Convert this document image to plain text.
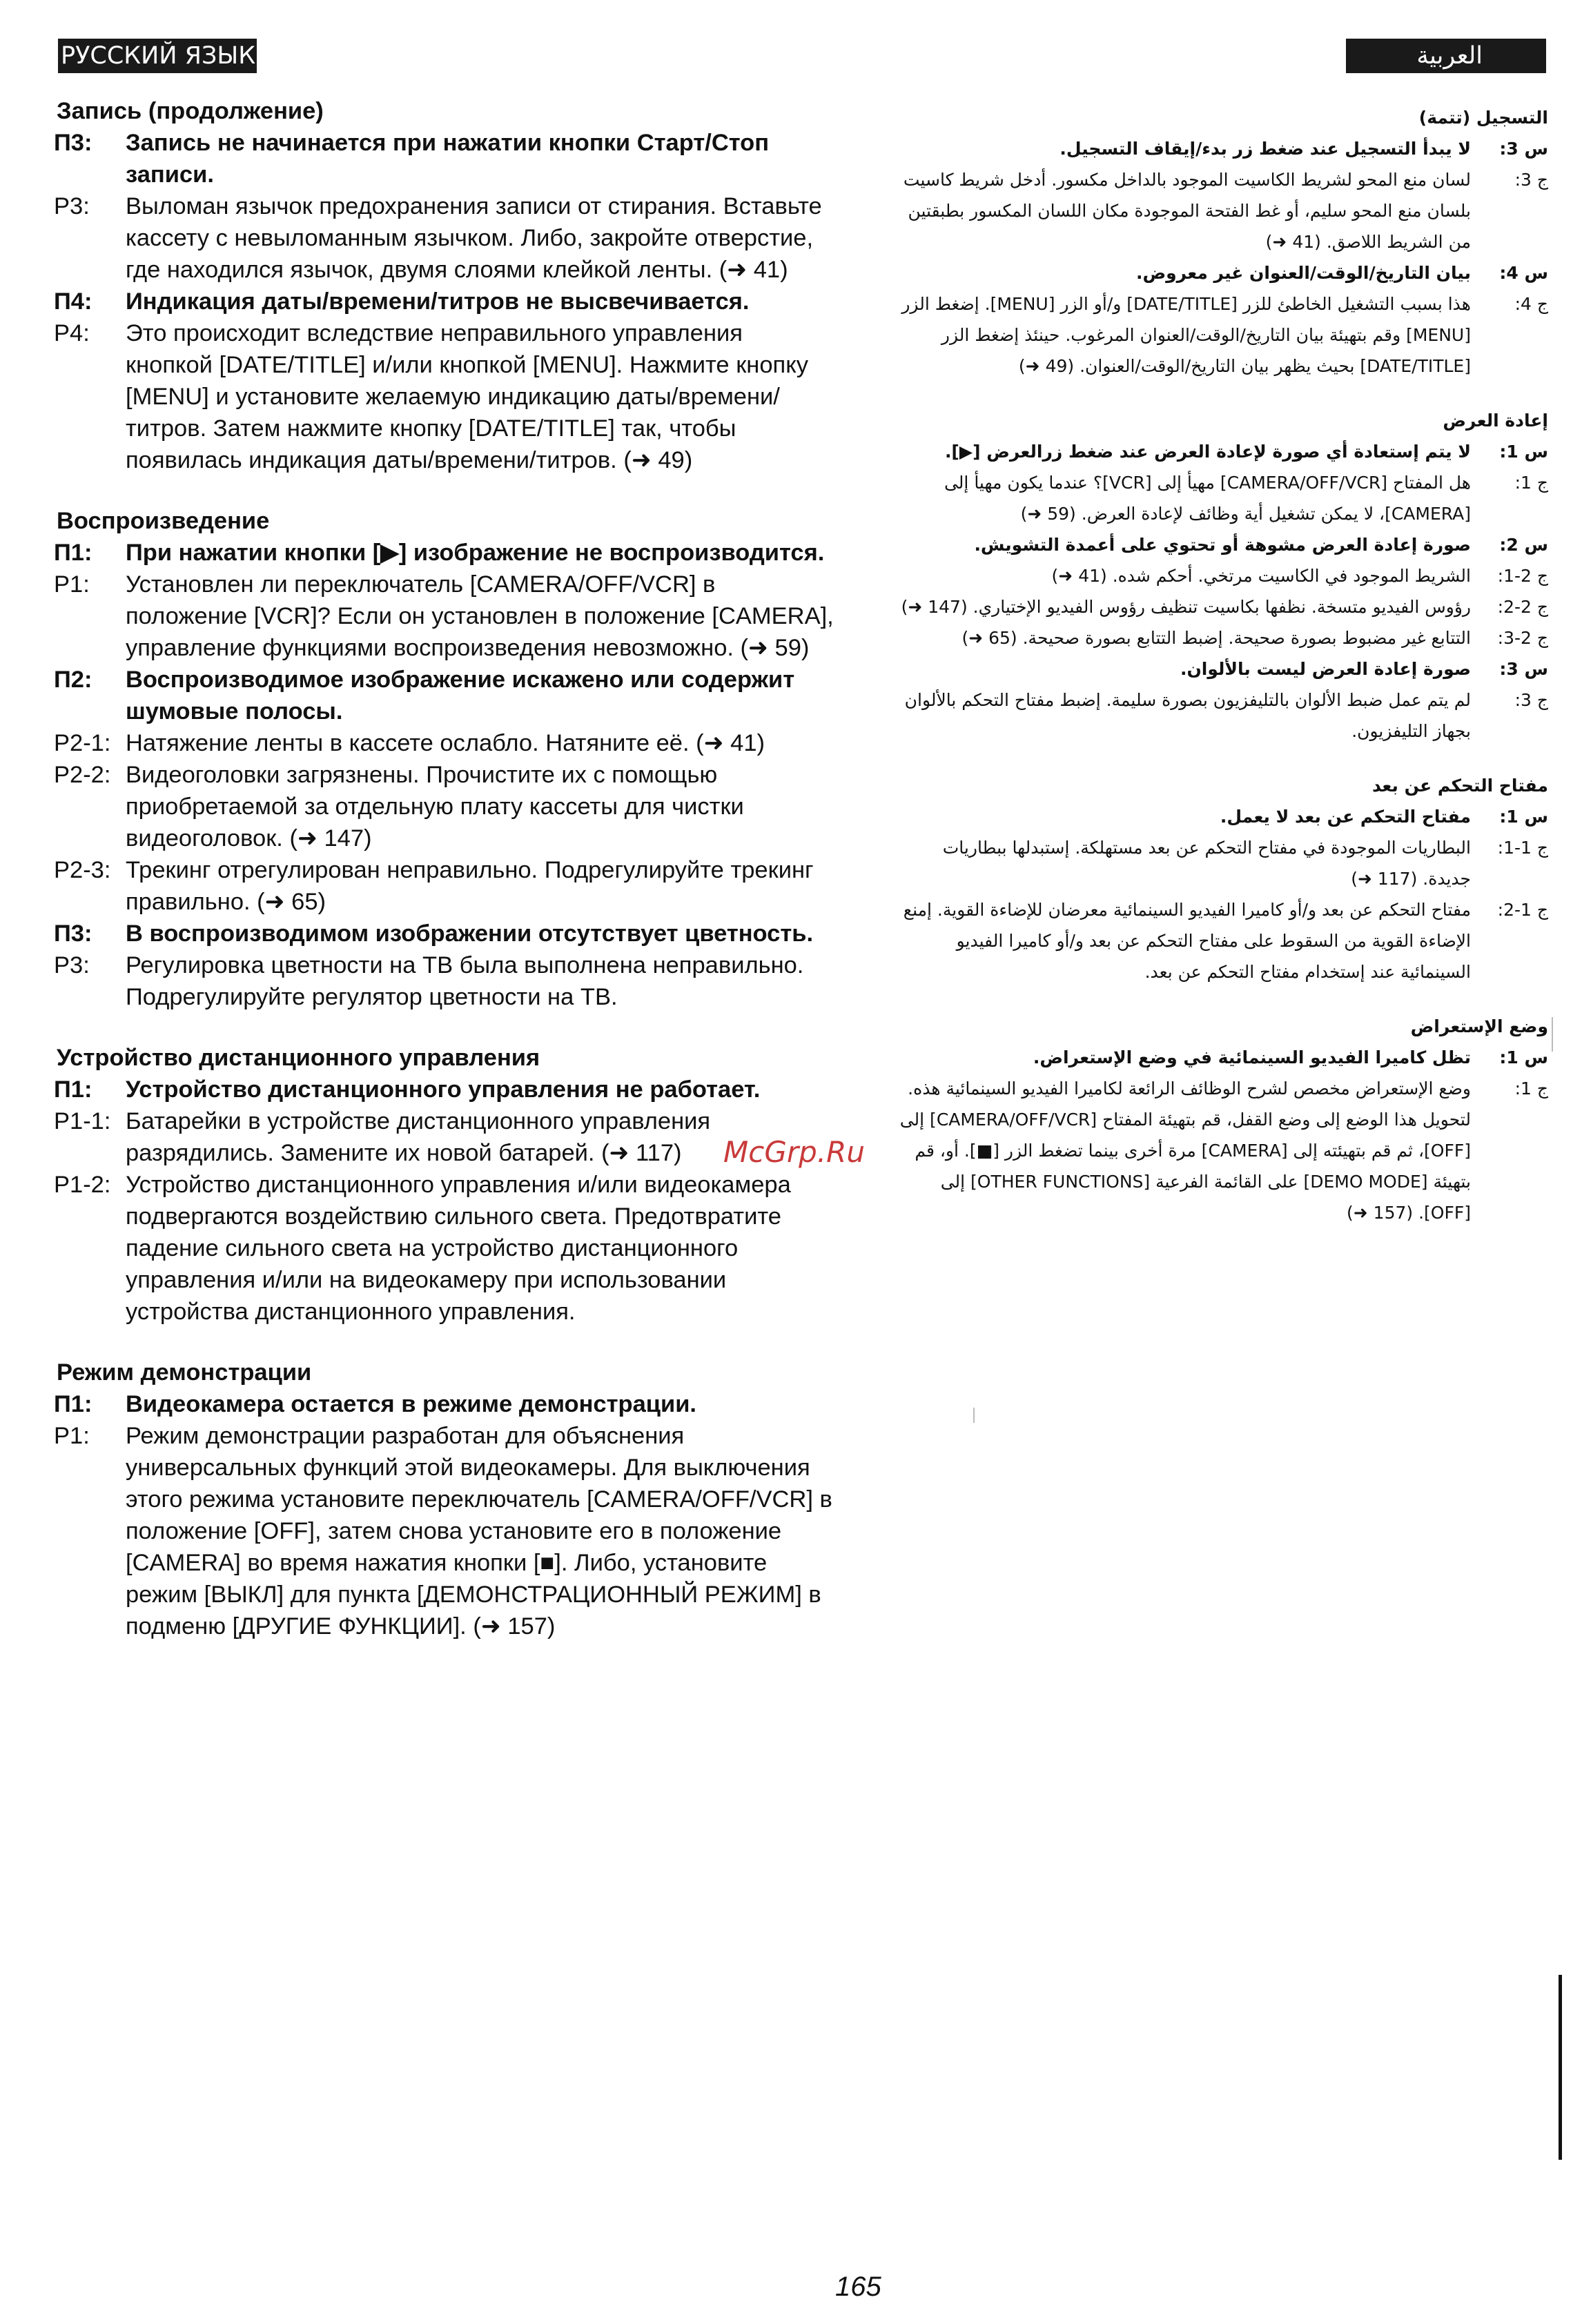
РУССКИЙ ЯЗЫК	العربية
Запись (продолжение)
П3:	Запись не начинается при нажатии кнопки Старт/Стоп записи.
P3:	Выломан язычок предохранения записи от стирания. Вставьте кассету с невыломанным язычком. Либо, закройте отверстие, где находился язычок, двумя слоями клейкой ленты. (➜ 41)
П4:	Индикация даты/времени/титров не высвечивается.
P4:	Это происходит вследствие неправильного управления кнопкой [DATE/TITLE] и/или кнопкой [MENU]. Нажмите кнопку [MENU] и установите желаемую индикацию даты/времени/титров. Затем нажмите кнопку [DATE/TITLE] так, чтобы появилась индикация даты/времени/титров. (➜ 49)
Воспроизведение
П1:	При нажатии кнопки [▶] изображение не воспроизводится.
P1:	Установлен ли переключатель [CAMERA/OFF/VCR] в положение [VCR]? Если он установлен в положение [CAMERA], управление функциями воспроизведения невозможно. (➜ 59)
П2:	Воспроизводимое изображение искажено или содержит шумовые полосы.
P2-1: Натяжение ленты в кассете ослабло. Натяните её. (➜ 41)
P2-2: Видеоголовки загрязнены. Прочистите их с помощью приобретаемой за отдельную плату кассеты для чистки видеоголовок. (➜ 147)
P2-3: Трекинг отрегулирован неправильно. Подрегулируйте трекинг правильно. (➜ 65)
П3:	В воспроизводимом изображении отсутствует цветность.
P3:	Регулировка цветности на ТВ была выполнена неправильно. Подрегулируйте регулятор цветности на ТВ.
Устройство дистанционного управления
П1:	Устройство дистанционного управления не работает.
P1-1: Батарейки в устройстве дистанционного управления разрядились. Замените их новой батарей. (➜ 117)
P1-2: Устройство дистанционного управления и/или видеокамера подвергаются воздействию сильного света. Предотвратите падение сильного света на устройство дистанционного управления и/или на видеокамеру при использовании устройства дистанционного управления.
Режим демонстрации
П1:	Видеокамера остается в режиме демонстрации.
P1:	Режим демонстрации разработан для объяснения универсальных функций этой видеокамеры. Для выключения этого режима установите переключатель [CAMERA/OFF/VCR] в положение [OFF], затем снова установите его в положение [CAMERA] во время нажатия кнопки [■]. Либо, установите режим [ВЫКЛ] для пункта [ДЕМОНСТРАЦИОННЫЙ РЕЖИМ] в подменю [ДРУГИЕ ФУНКЦИИ]. (➜ 157)
التسجيل (تتمة)
س 3:
لا يبدأ التسجيل عند ضغط زر بدء/إيقاف التسجيل.
ج 3:
لسان منع المحو لشريط الكاسيت الموجود بالداخل مكسور. أدخل شريط كاسيت بلسان منع المحو سليم، أو غط الفتحة الموجودة مكان اللسان المكسور بطبقتين من الشريط اللاصق. (41 ➜)
س 4:
بيان التاريخ/الوقت/العنوان غير معروض.
ج 4:
هذا بسبب التشغيل الخاطئ للزر [DATE/TITLE] و/أو الزر [MENU]. إضغط الزر [MENU] وقم بتهيئة بيان التاريخ/الوقت/العنوان المرغوب. حينئذ إضغط الزر [DATE/TITLE] بحيث يظهر بيان التاريخ/الوقت/العنوان. (49 ➜)
إعادة العرض
س 1:
لا يتم إستعادة أي صورة لإعادة العرض عند ضغط زرالعرض [▶].
ج 1:
هل المفتاح [CAMERA/OFF/VCR] مهيأ إلى [VCR]؟ عندما يكون مهيأ إلى [CAMERA]، لا يمكن تشغيل أية وظائف لإعادة العرض. (59 ➜)
س 2:
صورة إعادة العرض مشوهة أو تحتوي على أعمدة التشويش.
ج 2-1:
الشريط الموجود في الكاسيت مرتخي. أحكم شده. (41 ➜)
ج 2-2:
رؤوس الفيديو متسخة. نظفها بكاسيت تنظيف رؤوس الفيديو الإختياري. (147 ➜)
ج 2-3:
التتابع غير مضبوط بصورة صحيحة. إضبط التتابع بصورة صحيحة. (65 ➜)
س 3:
صورة إعادة العرض ليست بالألوان.
ج 3:
لم يتم عمل ضبط الألوان بالتليفزيون بصورة سليمة. إضبط مفتاح التحكم بالألوان بجهاز التليفزيون.
مفتاح التحكم عن بعد
س 1:
مفتاح التحكم عن بعد لا يعمل.
ج 1-1:
البطاريات الموجودة في مفتاح التحكم عن بعد مستهلكة. إستبدلها ببطاريات جديدة. (117 ➜)
ج 1-2:
مفتاح التحكم عن بعد و/أو كاميرا الفيديو السينمائية معرضان للإضاءة القوية. إمنع الإضاءة القوية من السقوط على مفتاح التحكم عن بعد و/أو كاميرا الفيديو السينمائية عند إستخدام مفتاح التحكم عن بعد.
وضع الإستعراض
س 1:
تظل كاميرا الفيديو السينمائية في وضع الإستعراض.
ج 1:
وضع الإستعراض مخصص لشرح الوظائف الرائعة لكاميرا الفيديو السينمائية هذه. لتحويل هذا الوضع إلى وضع القفل، قم بتهيئة المفتاح [CAMERA/OFF/VCR] إلى [OFF]، ثم قم بتهيئته إلى [CAMERA] مرة أخرى بينما تضغط الزر [■]. أو، قم بتهيئة [DEMO MODE] على القائمة الفرعية [OTHER FUNCTIONS] إلى [OFF]. (157 ➜)
McGrp.Ru
165
